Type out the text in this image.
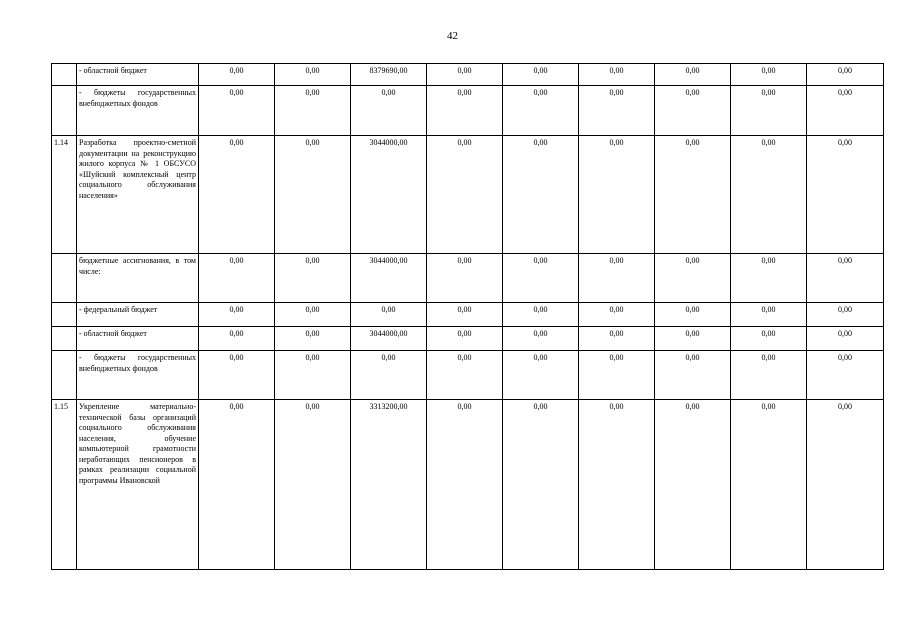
42
	- областной бюджет	0,00	0,00	8379690,00	0,00	0,00	0,00	0,00	0,00	0,00
	- бюджеты государственных внебюджетных фондов	0,00	0,00	0,00	0,00	0,00	0,00	0,00	0,00	0,00
1.14	Разработка проектно-сметной документации на реконструкцию жилого корпуса № 1 ОБСУСО «Шуйский комплексный центр социального обслуживания населения»	0,00	0,00	3044000,00	0,00	0,00	0,00	0,00	0,00	0,00
	бюджетные ассигнования, в том числе:	0,00	0,00	3044000,00	0,00	0,00	0,00	0,00	0,00	0,00
	- федеральный бюджет	0,00	0,00	0,00	0,00	0,00	0,00	0,00	0,00	0,00
	- областной бюджет	0,00	0,00	3044000,00	0,00	0,00	0,00	0,00	0,00	0,00
	- бюджеты государственных внебюджетных фондов	0,00	0,00	0,00	0,00	0,00	0,00	0,00	0,00	0,00
1.15	Укрепление материально-технической базы организаций социального обслуживания населения, обучение компьютерной грамотности неработающих пенсионеров в рамках реализации социальной программы Ивановской	0,00	0,00	3313200,00	0,00	0,00	0,00	0,00	0,00	0,00
